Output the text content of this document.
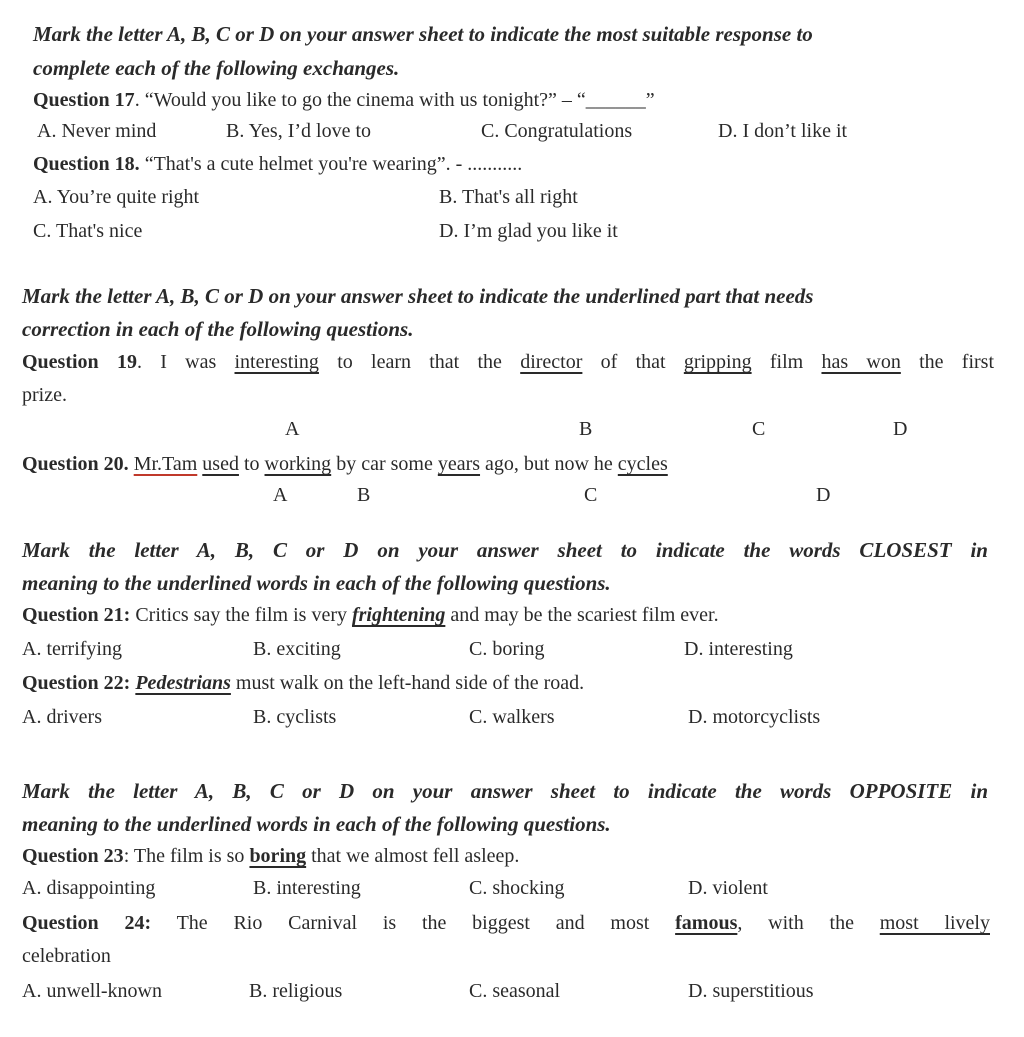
Mark the letter A, B, C or D on your answer sheet to indicate the most suitable response to
complete each of the following exchanges.
Question 17. “Would you like to go the cinema with us tonight?” – “______”
A. Never mind	B. Yes, I’d love to	C. Congratulations	D. I don’t like it
Question 18. “That's a cute helmet you're wearing”. - ...........
A. You’re quite right	B. That's all right
C. That's nice	D. I’m glad you like it
Mark the letter A, B, C or D on your answer sheet to indicate the underlined part that needs
correction in each of the following questions.
Question 19. I was interesting to learn that the director of that gripping film has won the first
prize.
A	B	C	D
Question 20. Mr.Tam used to working by car some years ago, but now he cycles
A	B	C	D
Mark the letter A, B, C or D on your answer sheet to indicate the words CLOSEST in
meaning to the underlined words in each of the following questions.
Question 21: Critics say the film is very frightening and may be the scariest film ever.
A. terrifying	B. exciting	C. boring	D. interesting
Question 22: Pedestrians must walk on the left-hand side of the road.
A. drivers	B. cyclists	C. walkers	D. motorcyclists
Mark the letter A, B, C or D on your answer sheet to indicate the words OPPOSITE in
meaning to the underlined words in each of the following questions.
Question 23: The film is so boring that we almost fell asleep.
A. disappointing	B. interesting	C. shocking	D. violent
Question 24: The Rio Carnival is the biggest and most famous, with the most lively
celebration
A. unwell-known	B. religious	C. seasonal	D. superstitious
